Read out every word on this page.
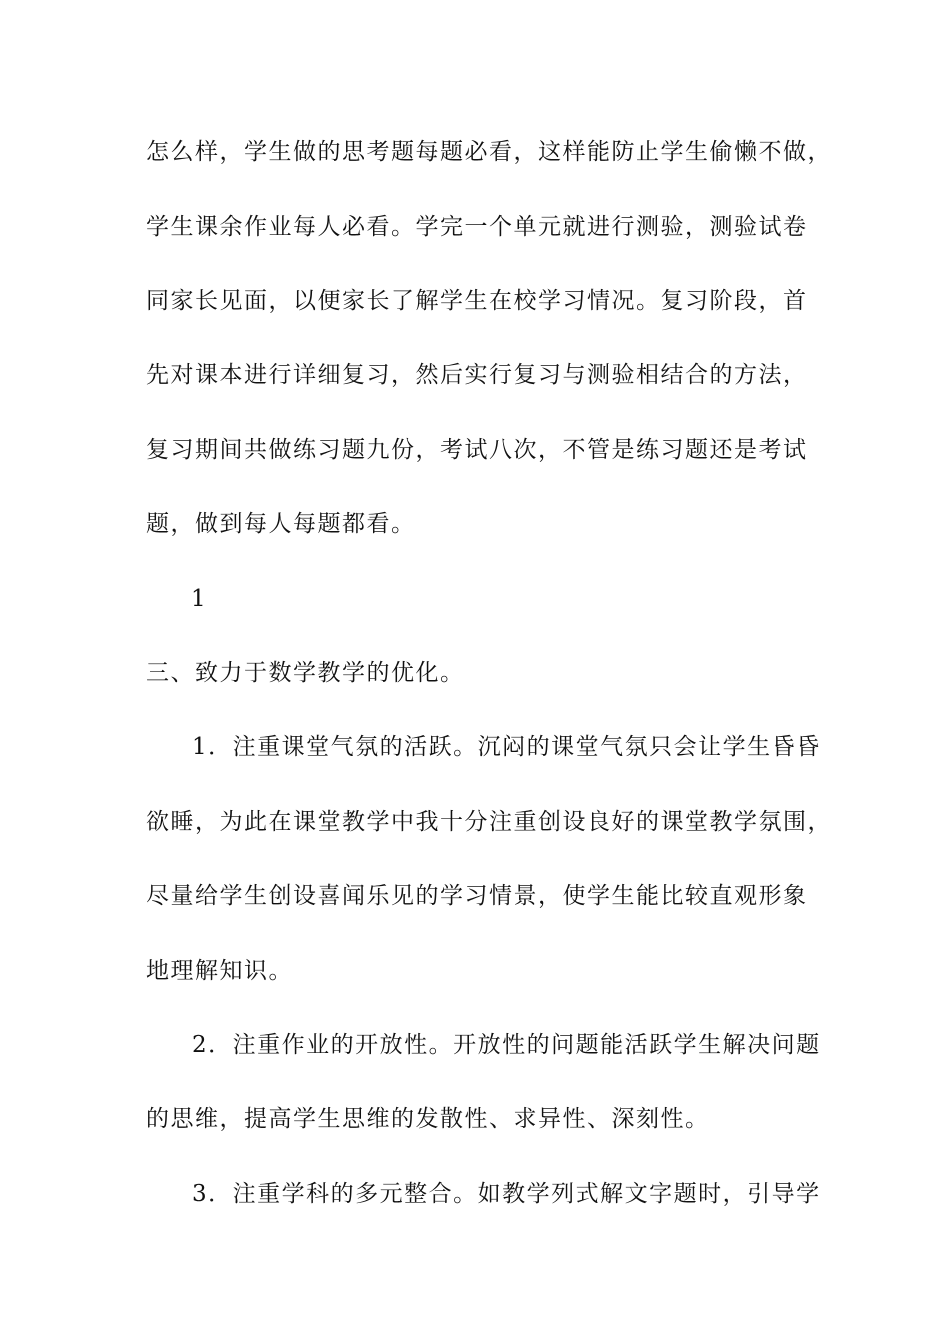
怎么样，学生做的思考题每题必看，这样能防止学生偷懒不做，
学生课余作业每人必看。学完一个单元就进行测验，测验试卷
同家长见面，以便家长了解学生在校学习情况。复习阶段，首
先对课本进行详细复习，然后实行复习与测验相结合的方法，
复习期间共做练习题九份，考试八次，不管是练习题还是考试
题，做到每人每题都看。
1
三、致力于数学教学的优化。
1．注重课堂气氛的活跃。沉闷的课堂气氛只会让学生昏昏
欲睡，为此在课堂教学中我十分注重创设良好的课堂教学氛围，
尽量给学生创设喜闻乐见的学习情景，使学生能比较直观形象
地理解知识。
2．注重作业的开放性。开放性的问题能活跃学生解决问题
的思维，提高学生思维的发散性、求异性、深刻性。
3．注重学科的多元整合。如教学列式解文字题时，引导学
